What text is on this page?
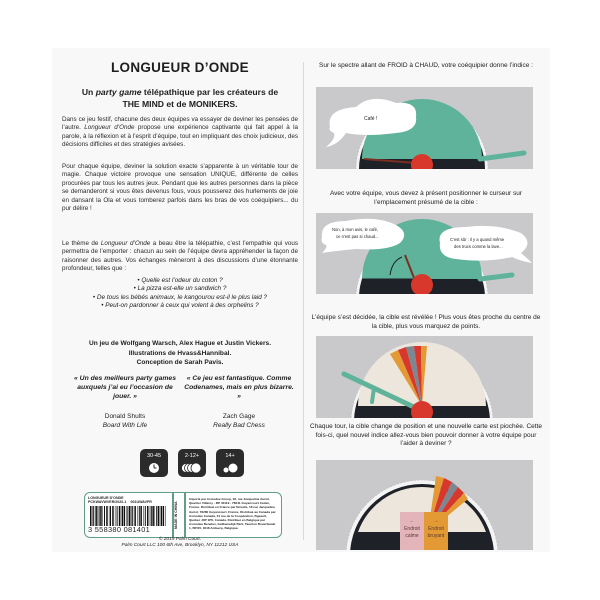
LONGUEUR D’ONDE
Un party game télépathique par les créateurs de
THE MIND et de MONIKERS.
Dans ce jeu festif, chacune des deux équipes va essayer de deviner les pensées de l’autre. Longueur d’Onde propose une expérience captivante qui fait appel à la parole, à la réflexion et à l’esprit d’équipe, tout en impliquant des choix judicieux, des décisions difficiles et des stratégies avisées.
Pour chaque équipe, deviner la solution exacte s’apparente à un véritable tour de magie. Chaque victoire provoque une sensation UNIQUE, différente de celles procurées par tous les autres jeux. Pendant que les autres personnes dans la pièce se demanderont si vous êtes devenus fous, vous pousserez des hurlements de joie en dansant la Ola et vous tomberez parfois dans les bras de vos coéquipiers... du pur délire !
Le thème de Longueur d’Onde a beau être la télépathie, c’est l’empathie qui vous permettra de l’emporter : chacun au sein de l’équipe devra appréhender la façon de raisonner des autres. Vos échanges mèneront à des discussions d’une étonnante profondeur, telles que :
• Quelle est l’odeur du coton ?
• La pizza est-elle un sandwich ?
• De tous les bébés animaux, le kangourou est-il le plus laid ?
• Peut-on pardonner à ceux qui volent à des orphelins ?
Un jeu de Wolfgang Warsch, Alex Hague et Justin Vickers.
Illustrations de Hvass&Hannibal.
Conception de Sarah Pavis.
« Un des meilleurs party games auxquels j’ai eu l’occasion de jouer. »
« Ce jeu est fantastique. Comme Codenames, mais en plus bizarre. »
Donald Shults
Board With Life
Zach Gage
Really Bad Chess
30-45	2-12+	14+
LONGUEUR D’ONDE
PCKWAVWVER/2020-1 001UWAVFR
3 558380 081401
MADE IN CHINA
Importé par Asmodee Group, 18, rue Jacqueline Auriol, Quartier Villaroy - BP 40119 - 78041 Guyancourt Cedex, France. Distribué en France par Novalis, 18 rue Jacqueline Auriol, 78280 Guyancourt, France. Distribué au Canada par Asmodee Canada, 31 rue de la Coopération, Bgeault, Québec J0P 1P0, Canada. Distribué en Belgique par Asmodee Benelux, Gelilaeisdijk Park, Taunton Bovertlewat 1, BP/15, 3018 Antwerp, Belgique.
© 2019 Palm Court.
Palm Court LLC 100 6th Ave, Brooklyn, NY 11212 USA
Sur le spectre allant de FROID à CHAUD, votre coéquipier donne l’indice :
Café !
Avec votre équipe, vous devez à présent positionner le curseur sur l’emplacement présumé de la cible :
Non, à mon avis, le café,
ce n’est pas si chaud...
C’est sûr : il y a quand même
des trucs comme la lave...
L’équipe s’est décidée, la cible est révélée ! Plus vous êtes proche du centre de la cible, plus vous marquez de points.
Chaque tour, la cible change de position et une nouvelle carte est piochée. Cette fois-ci, quel nouvel indice allez-vous bien pouvoir donner à votre équipe pour l’aider à deviner ?
←
Endroit
calme
→
Endroit
bruyant
